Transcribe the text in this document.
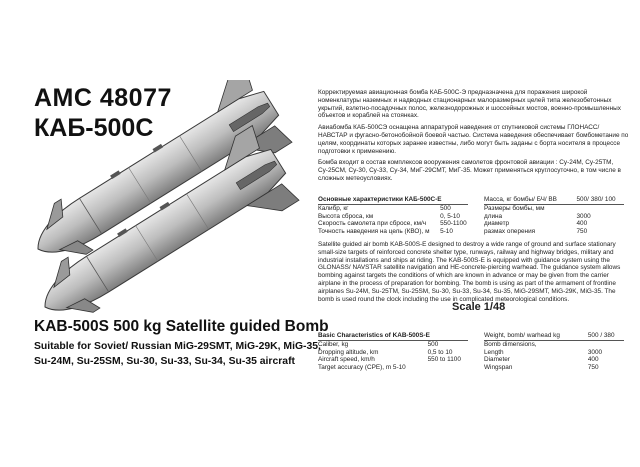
AMC 48077
КАБ-500С
Scale 1/48
KAB-500S 500 kg Satellite guided Bomb
Suitable for Soviet/ Russian MiG-29SMT, MiG-29K, MiG-35, Su-24M, Su-25SM, Su-30, Su-33, Su-34, Su-35 aircraft

Корректируемая авиационная бомба КАБ-500С-Э предназначена для поражения широкой номенклатуры наземных и надводных стационарных малоразмерных целей типа железобетонных укрытий, взлетно-посадочных полос, железнодорожных и шоссейных мостов, военно-промышленных объектов и кораблей на стоянках.

Авиабомба КАБ-500СЭ оснащена аппаратурой наведения от спутниковой системы ГЛОНАСС/ НАВСТАР и фугасно-бетонобойной боевой частью. Система наведения обеспечивает бомбометание по целям, координаты которых заранее известны, либо могут быть заданы с борта носителя в процессе подготовки к применению.

Бомба входит в состав комплексов вооружения самолетов фронтовой авиации : Су-24М, Су-25ТМ, Су-25СМ, Су-30, Су-33, Су-34, МиГ-29СМТ, МиГ-35. Может применяться круглосуточно, в том числе в сложных метеоусловиях.

Основные характеристики КАБ-500С-Е	
Калибр, кг	500
Высота сброса, км	0, 5-10
Скорость самолета при сбросе, км/ч	550-1100
Точность наведения на цель (КВО), м	5-10
Масса, кг бомбы/ БЧ/ ВВ	500/ 380/ 100
Размеры бомбы, мм	
длина	3000
диаметр	400
размах оперения	750

Satellite guided air bomb KAB-500S-E designed to destroy a wide range of ground and surface stationary small-size targets of reinforced concrete shelter type, runways, railway and highway bridges, military and industrial installations and ships at riding. The KAB-500S-E is equipped with guidance system using the GLONASS/ NAVSTAR satellite navigation and HE-concrete-piercing warhead. The guidance system allows bombing against targets the conditions of which are known in advance or may be given from the carrier airplane in the process of preparation for bombing. The bomb is using as part of the armament of frontline airplanes Su-24M, Su-25TM, Su-25SM, Su-30, Su-33, Su-34, Su-35, MiG-29SMT, MiG-29K, MiG-35. The bomb is used round the clock including the use in complicated meteorological conditions.

Basic Characteristics of KAB-500S-E	
Caliber, kg	500
Dropping altitude, km	0,5 to 10
Aircraft speed, km/h	550 to 1100
Target accuracy (CPE), m 5-10	
Weight, bomb/ warhead kg	500 / 380
Bomb dimensions,	
Length	3000
Diameter	400
Wingspan	750
